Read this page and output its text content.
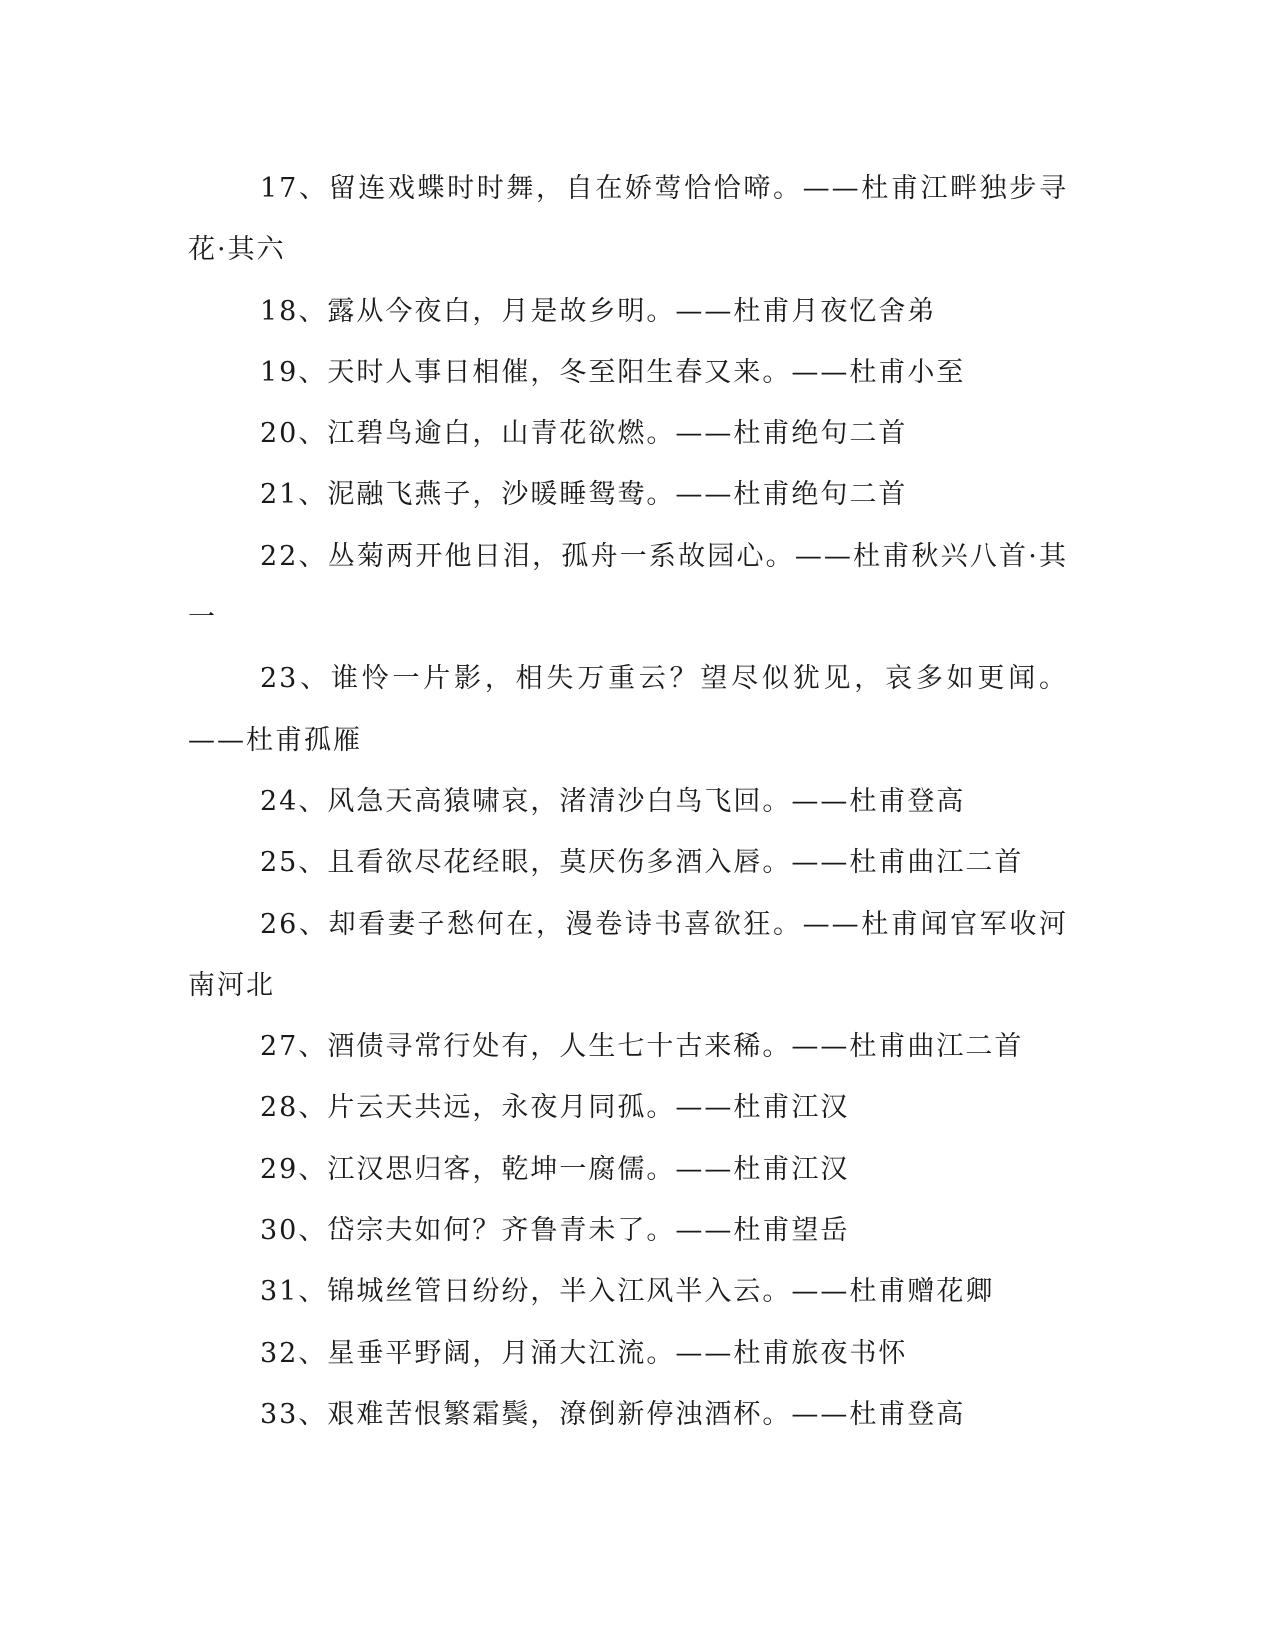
17、留连戏蝶时时舞，自在娇莺恰恰啼。——杜甫江畔独步寻花·其六

18、露从今夜白，月是故乡明。——杜甫月夜忆舍弟

19、天时人事日相催，冬至阳生春又来。——杜甫小至

20、江碧鸟逾白，山青花欲燃。——杜甫绝句二首

21、泥融飞燕子，沙暖睡鸳鸯。——杜甫绝句二首

22、丛菊两开他日泪，孤舟一系故园心。——杜甫秋兴八首·其一

23、谁怜一片影，相失万重云？望尽似犹见，哀多如更闻。——杜甫孤雁

24、风急天高猿啸哀，渚清沙白鸟飞回。——杜甫登高

25、且看欲尽花经眼，莫厌伤多酒入唇。——杜甫曲江二首

26、却看妻子愁何在，漫卷诗书喜欲狂。——杜甫闻官军收河南河北

27、酒债寻常行处有，人生七十古来稀。——杜甫曲江二首

28、片云天共远，永夜月同孤。——杜甫江汉

29、江汉思归客，乾坤一腐儒。——杜甫江汉

30、岱宗夫如何？齐鲁青未了。——杜甫望岳

31、锦城丝管日纷纷，半入江风半入云。——杜甫赠花卿

32、星垂平野阔，月涌大江流。——杜甫旅夜书怀

33、艰难苦恨繁霜鬓，潦倒新停浊酒杯。——杜甫登高
